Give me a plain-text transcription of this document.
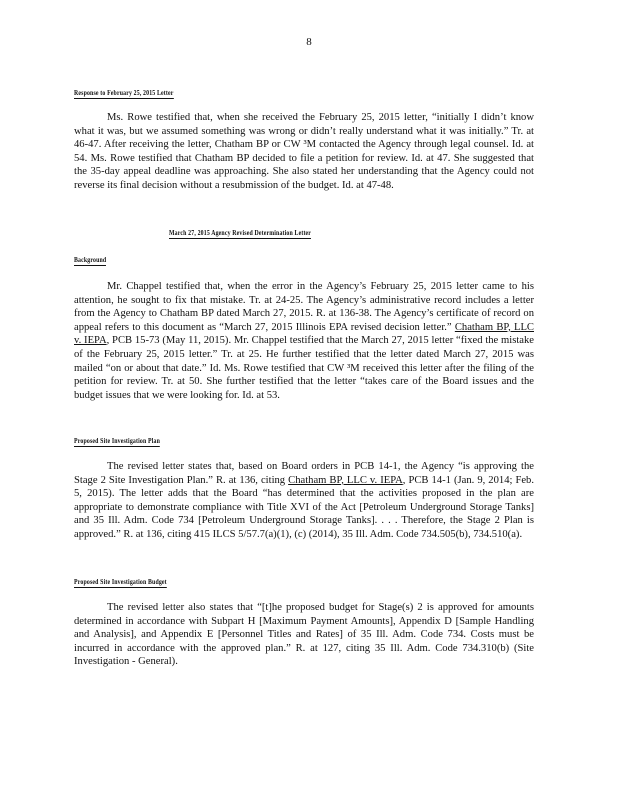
8
Response to February 25, 2015 Letter

Ms. Rowe testified that, when she received the February 25, 2015 letter, “initially I didn’t know what it was, but we assumed something was wrong or didn’t really understand what it was initially.” Tr. at 46-47. After receiving the letter, Chatham BP or CW ³M contacted the Agency through legal counsel. Id. at 54. Ms. Rowe testified that Chatham BP decided to file a petition for review. Id. at 47. She suggested that the 35-day appeal deadline was approaching. She also stated her understanding that the Agency could not reverse its final decision without a resubmission of the budget. Id. at 47-48.

March 27, 2015 Agency Revised Determination Letter
Background

Mr. Chappel testified that, when the error in the Agency’s February 25, 2015 letter came to his attention, he sought to fix that mistake. Tr. at 24-25. The Agency’s administrative record includes a letter from the Agency to Chatham BP dated March 27, 2015. R. at 136-38. The Agency’s certificate of record on appeal refers to this document as “March 27, 2015 Illinois EPA revised decision letter.” Chatham BP, LLC v. IEPA, PCB 15-73 (May 11, 2015). Mr. Chappel testified that the March 27, 2015 letter “fixed the mistake of the February 25, 2015 letter.” Tr. at 25. He further testified that the letter dated March 27, 2015 was mailed “on or about that date.” Id. Ms. Rowe testified that CW ³M received this letter after the filing of the petition for review. Tr. at 50. She further testified that the letter “takes care of the Board issues and the budget issues that we were looking for. Id. at 53.

Proposed Site Investigation Plan

The revised letter states that, based on Board orders in PCB 14-1, the Agency “is approving the Stage 2 Site Investigation Plan.” R. at 136, citing Chatham BP, LLC v. IEPA, PCB 14-1 (Jan. 9, 2014; Feb. 5, 2015). The letter adds that the Board “has determined that the activities proposed in the plan are appropriate to demonstrate compliance with Title XVI of the Act [Petroleum Underground Storage Tanks] and 35 Ill. Adm. Code 734 [Petroleum Underground Storage Tanks]. . . . Therefore, the Stage 2 Plan is approved.” R. at 136, citing 415 ILCS 5/57.7(a)(1), (c) (2014), 35 Ill. Adm. Code 734.505(b), 734.510(a).

Proposed Site Investigation Budget

The revised letter also states that “[t]he proposed budget for Stage(s) 2 is approved for amounts determined in accordance with Subpart H [Maximum Payment Amounts], Appendix D [Sample Handling and Analysis], and Appendix E [Personnel Titles and Rates] of 35 Ill. Adm. Code 734. Costs must be incurred in accordance with the approved plan.” R. at 127, citing 35 Ill. Adm. Code 734.310(b) (Site Investigation - General).
